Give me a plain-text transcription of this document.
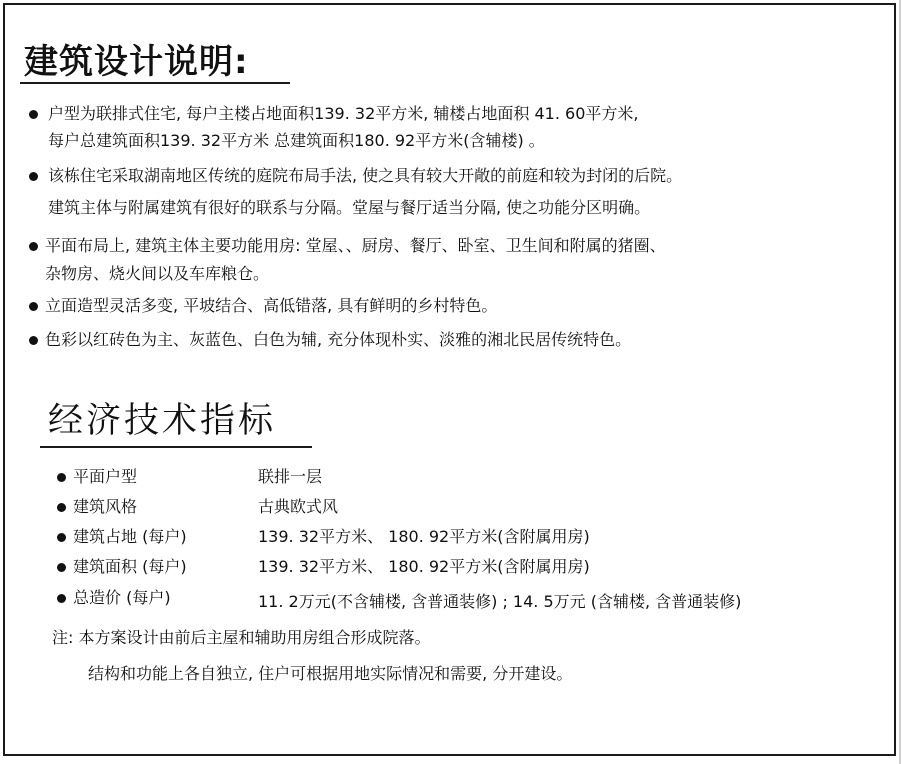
建筑设计说明:
户型为联排式住宅, 每户主楼占地面积139. 32平方米, 辅楼占地面积 41. 60平方米,
每户总建筑面积139. 32平方米 总建筑面积180. 92平方米(含辅楼) 。
该栋住宅采取湖南地区传统的庭院布局手法, 使之具有较大开敞的前庭和较为封闭的后院。
建筑主体与附属建筑有很好的联系与分隔。堂屋与餐厅适当分隔, 使之功能分区明确。
平面布局上, 建筑主体主要功能用房: 堂屋、、厨房、餐厅、卧室、卫生间和附属的猪圈、
杂物房、烧火间以及车库粮仓。
立面造型灵活多变, 平坡结合、高低错落, 具有鲜明的乡村特色。
色彩以红砖色为主、灰蓝色、白色为辅, 充分体现朴实、淡雅的湘北民居传统特色。
经济技术指标
平面户型	联排一层
建筑风格	古典欧式风
建筑占地 (每户)	139. 32平方米、 180. 92平方米(含附属用房)
建筑面积 (每户)	139. 32平方米、 180. 92平方米(含附属用房)
总造价 (每户)	11. 2万元(不含辅楼, 含普通装修) ; 14. 5万元 (含辅楼, 含普通装修)
注: 本方案设计由前后主屋和辅助用房组合形成院落。
结构和功能上各自独立, 住户可根据用地实际情况和需要, 分开建设。
